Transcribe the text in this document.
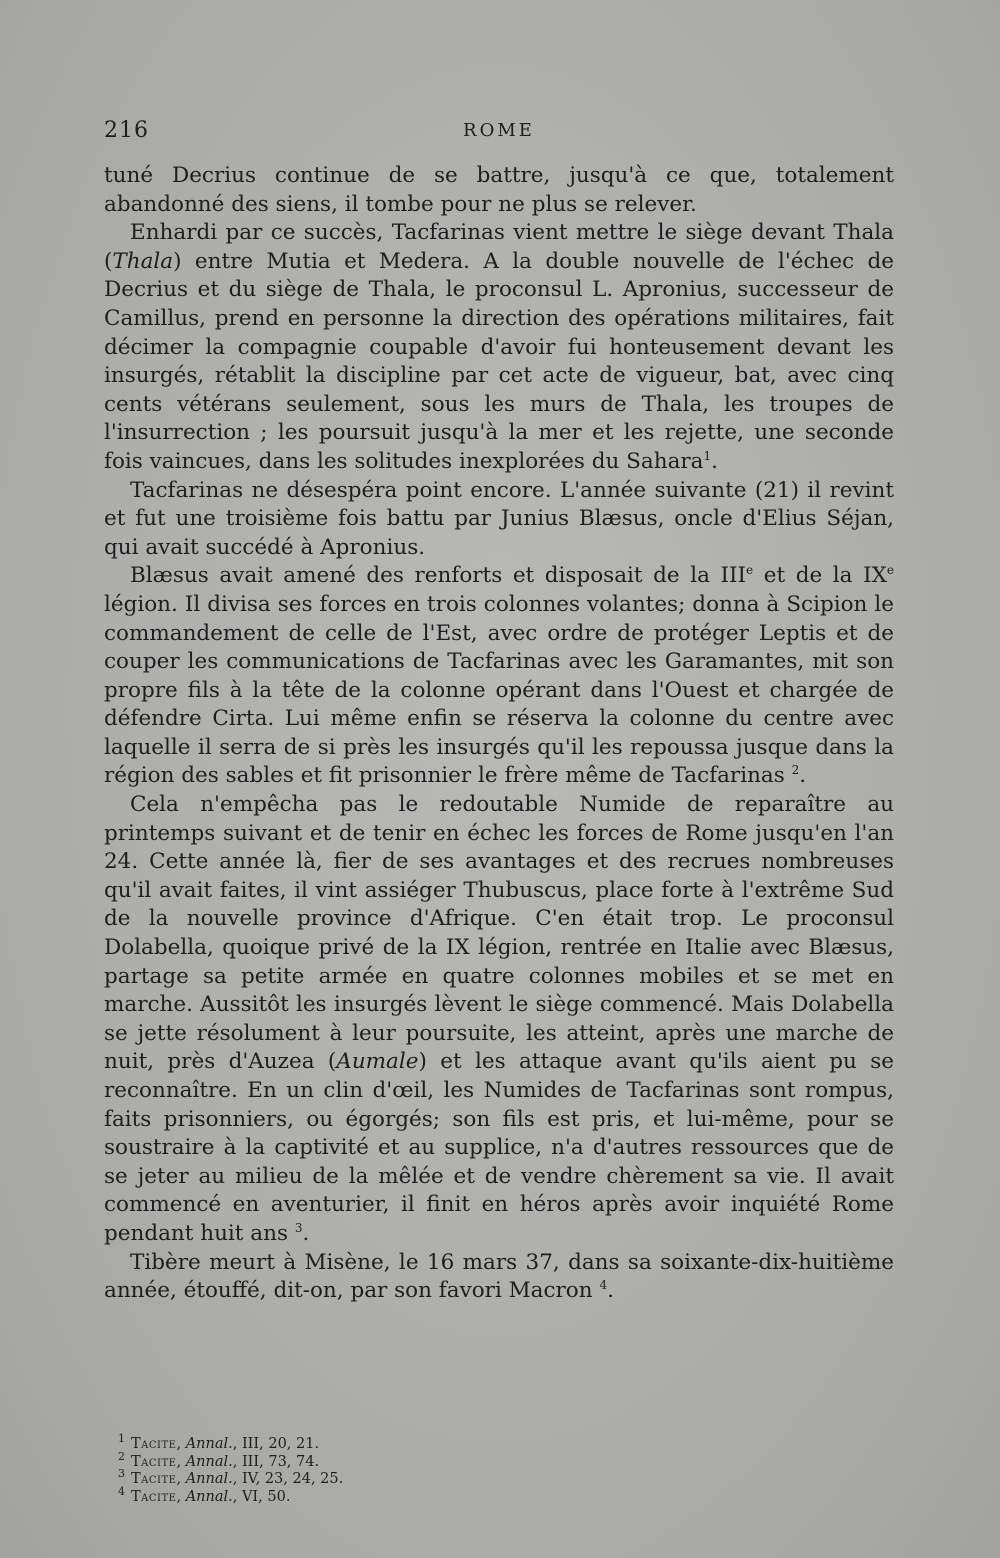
216	ROME

tuné Decrius continue de se battre, jusqu'à ce que, totalement abandonné des siens, il tombe pour ne plus se relever.

Enhardi par ce succès, Tacfarinas vient mettre le siège devant Thala (Thala) entre Mutia et Medera. A la double nouvelle de l'échec de Decrius et du siège de Thala, le proconsul L. Apronius, successeur de Camillus, prend en personne la direction des opérations militaires, fait décimer la compagnie coupable d'avoir fui honteusement devant les insurgés, rétablit la discipline par cet acte de vigueur, bat, avec cinq cents vétérans seulement, sous les murs de Thala, les troupes de l'insurrection ; les poursuit jusqu'à la mer et les rejette, une seconde fois vaincues, dans les solitudes inexplorées du Sahara$^1$.

Tacfarinas ne désespéra point encore. L'année suivante (21) il revint et fut une troisième fois battu par Junius Blæsus, oncle d'Elius Séjan, qui avait succédé à Apronius.

Blæsus avait amené des renforts et disposait de la IIIe et de la IXe légion. Il divisa ses forces en trois colonnes volantes; donna à Scipion le commandement de celle de l'Est, avec ordre de protéger Leptis et de couper les communications de Tacfarinas avec les Garamantes, mit son propre fils à la tête de la colonne opérant dans l'Ouest et chargée de défendre Cirta. Lui même enfin se réserva la colonne du centre avec laquelle il serra de si près les insurgés qu'il les repoussa jusque dans la région des sables et fit prisonnier le frère même de Tacfarinas $^2$.

Cela n'empêcha pas le redoutable Numide de reparaître au printemps suivant et de tenir en échec les forces de Rome jusqu'en l'an 24. Cette année là, fier de ses avantages et des recrues nombreuses qu'il avait faites, il vint assiéger Thubuscus, place forte à l'extrême Sud de la nouvelle province d'Afrique. C'en était trop. Le proconsul Dolabella, quoique privé de la IX légion, rentrée en Italie avec Blæsus, partage sa petite armée en quatre colonnes mobiles et se met en marche. Aussitôt les insurgés lèvent le siège commencé. Mais Dolabella se jette résolument à leur poursuite, les atteint, après une marche de nuit, près d'Auzea (Aumale) et les attaque avant qu'ils aient pu se reconnaître. En un clin d'œil, les Numides de Tacfarinas sont rompus, faits prisonniers, ou égorgés; son fils est pris, et lui-même, pour se soustraire à la captivité et au supplice, n'a d'autres ressources que de se jeter au milieu de la mêlée et de vendre chèrement sa vie. Il avait commencé en aventurier, il finit en héros après avoir inquiété Rome pendant huit ans $^3$.

Tibère meurt à Misène, le 16 mars 37, dans sa soixante-dix-huitième année, étouffé, dit-on, par son favori Macron $^4$.

$^1$ Tacite, Annal., III, 20, 21.
$^2$ Tacite, Annal., III, 73, 74.
$^3$ Tacite, Annal., IV, 23, 24, 25.
$^4$ Tacite, Annal., VI, 50.
